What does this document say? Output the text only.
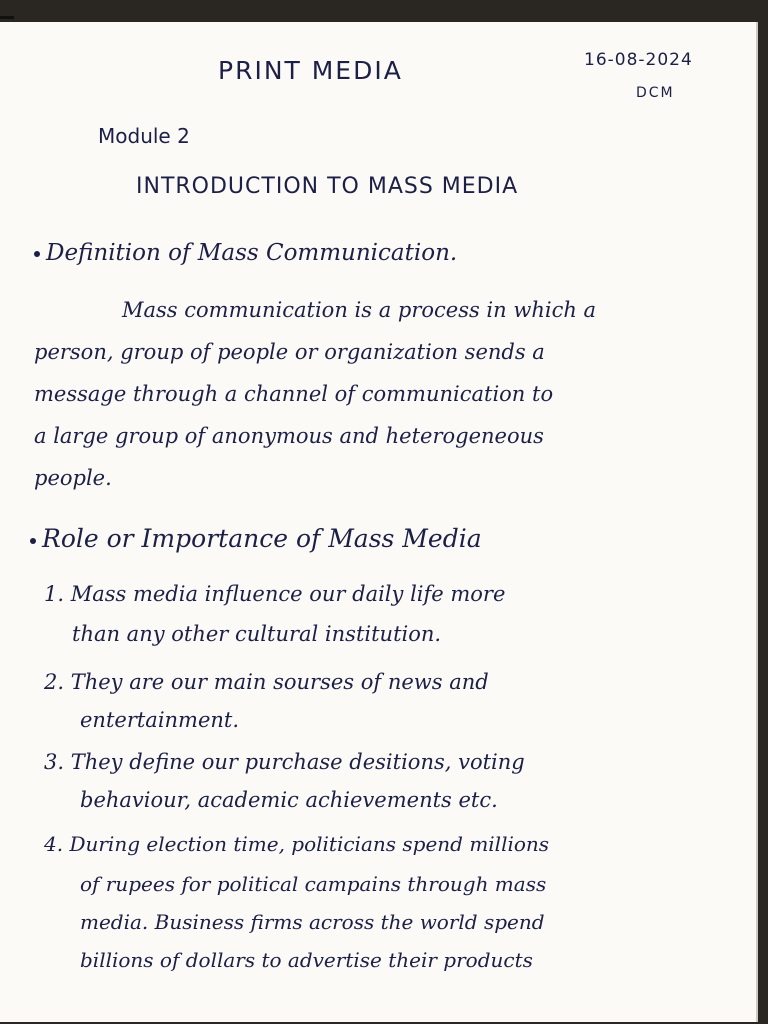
PRINT MEDIA	16-08-2024
DCM
Module 2
INTRODUCTION TO MASS MEDIA
Definition of Mass Communication.
Mass communication is a process in which a
person, group of people or organization sends a
message through a channel of communication to
a large group of anonymous and heterogeneous
people.
Role or Importance of Mass Media
1. Mass media influence our daily life more
than any other cultural institution.
2. They are our main sourses of news and
entertainment.
3. They define our purchase desitions, voting
behaviour, academic achievements etc.
4. During election time, politicians spend millions
of rupees for political campains through mass
media. Business firms across the world spend
billions of dollars to advertise their products
